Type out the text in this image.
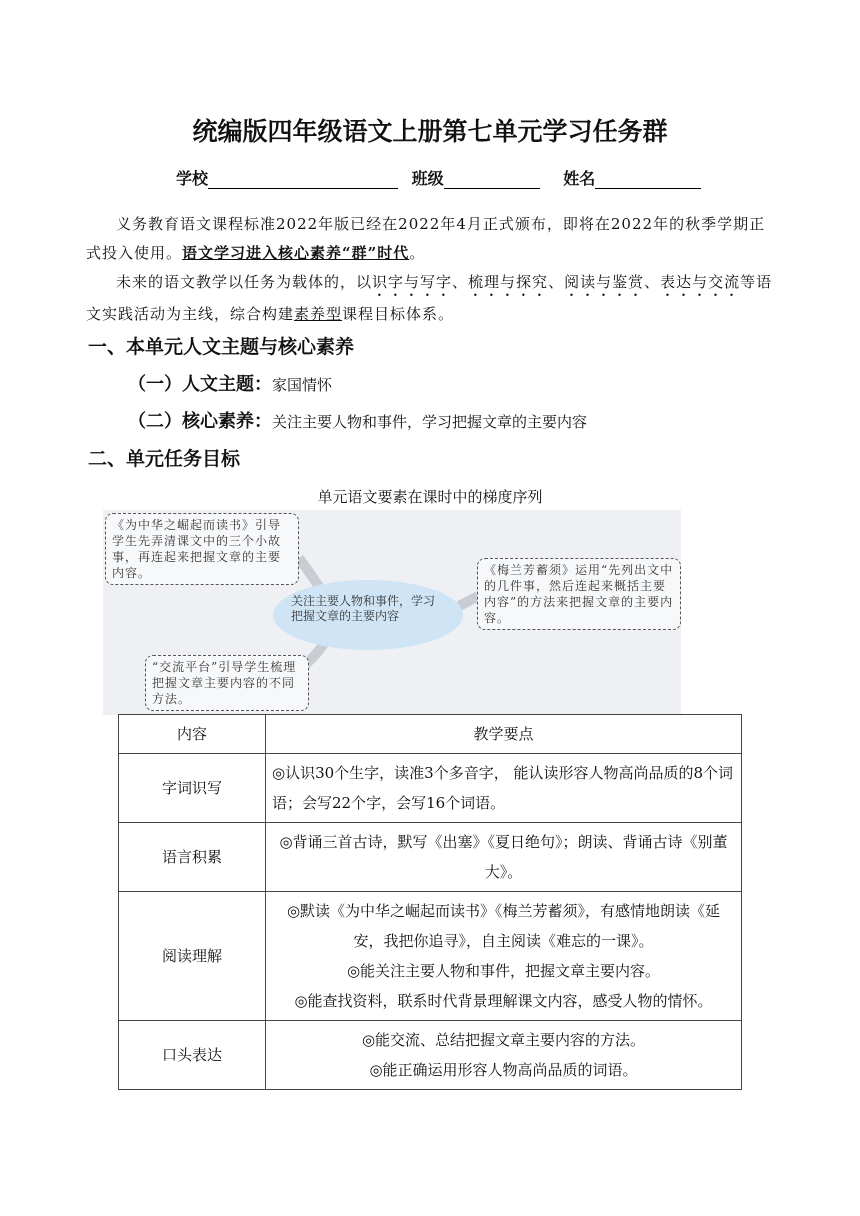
统编版四年级语文上册第七单元学习任务群
学校	班级	姓名
义务教育语文课程标准2022年版已经在2022年4月正式颁布，即将在2022年的秋季学期正式投入使用。语文学习进入核心素养“群”时代。
未来的语文教学以任务为载体的，以识字与写字、梳理与探究、阅读与鉴赏、表达与交流等语文实践活动为主线，综合构建素养型课程目标体系。
一、本单元人文主题与核心素养
（一）人文主题：家国情怀
（二）核心素养：关注主要人物和事件，学习把握文章的主要内容
二、单元任务目标
单元语文要素在课时中的梯度序列
《为中华之崛起而读书》引导学生先弄清课文中的三个小故事，再连起来把握文章的主要内容。
关注主要人物和事件，学习把握文章的主要内容
《梅兰芳蓄须》运用“先列出文中的几件事，然后连起来概括主要内容”的方法来把握文章的主要内容。
“交流平台”引导学生梳理把握文章主要内容的不同方法。
内容	教学要点
字词识写	◎认识30个生字，读准3个多音字， 能认读形容人物高尚品质的8个词语；会写22个字，会写16个词语。

语言积累	◎背诵三首古诗，默写《出塞》《夏日绝句》；朗读、背诵古诗《别董大》。

阅读理解	◎默读《为中华之崛起而读书》《梅兰芳蓄须》，有感情地朗读《延安，我把你追寻》，自主阅读《难忘的一课》。
◎能关注主要人物和事件，把握文章主要内容。
◎能查找资料，联系时代背景理解课文内容，感受人物的情怀。

口头表达	◎能交流、总结把握文章主要内容的方法。
◎能正确运用形容人物高尚品质的词语。
